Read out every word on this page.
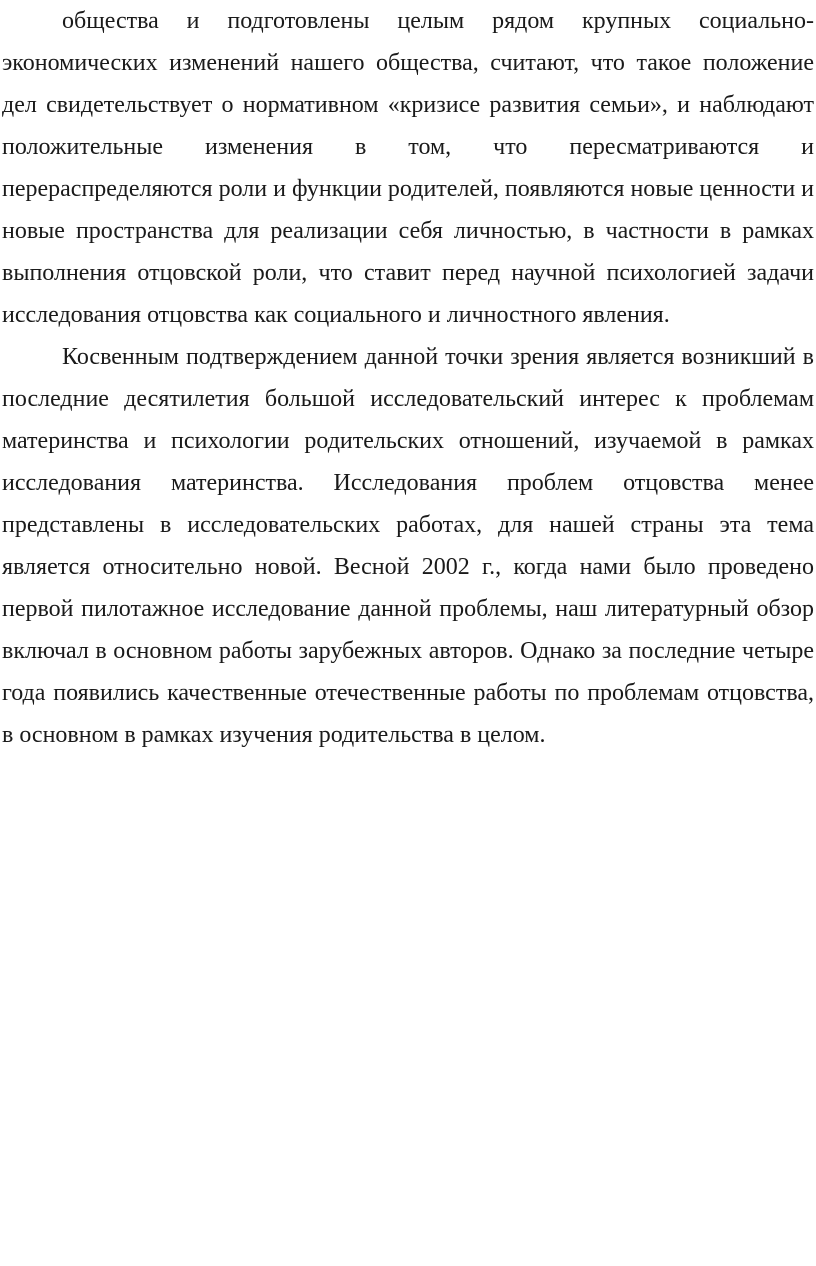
общества и подготовлены целым рядом крупных социально-экономических изменений нашего общества, считают, что такое положение дел свидетельствует о нормативном «кризисе развития семьи», и наблюдают положительные изменения в том, что пересматриваются и перераспределяются роли и функции родителей, появляются новые ценности и новые пространства для реализации себя личностью, в частности в рамках выполнения отцовской роли, что ставит перед научной психологией задачи исследования отцовства как социального и личностного явления.

Косвенным подтверждением данной точки зрения является возникший в последние десятилетия большой исследовательский интерес к проблемам материнства и психологии родительских отношений, изучаемой в рамках исследования материнства. Исследования проблем отцовства менее представлены в исследовательских работах, для нашей страны эта тема является относительно новой. Весной 2002 г., когда нами было проведено первой пилотажное исследование данной проблемы, наш литературный обзор включал в основном работы зарубежных авторов. Однако за последние четыре года появились качественные отечественные работы по проблемам отцовства, в основном в рамках изучения родительства в целом.
